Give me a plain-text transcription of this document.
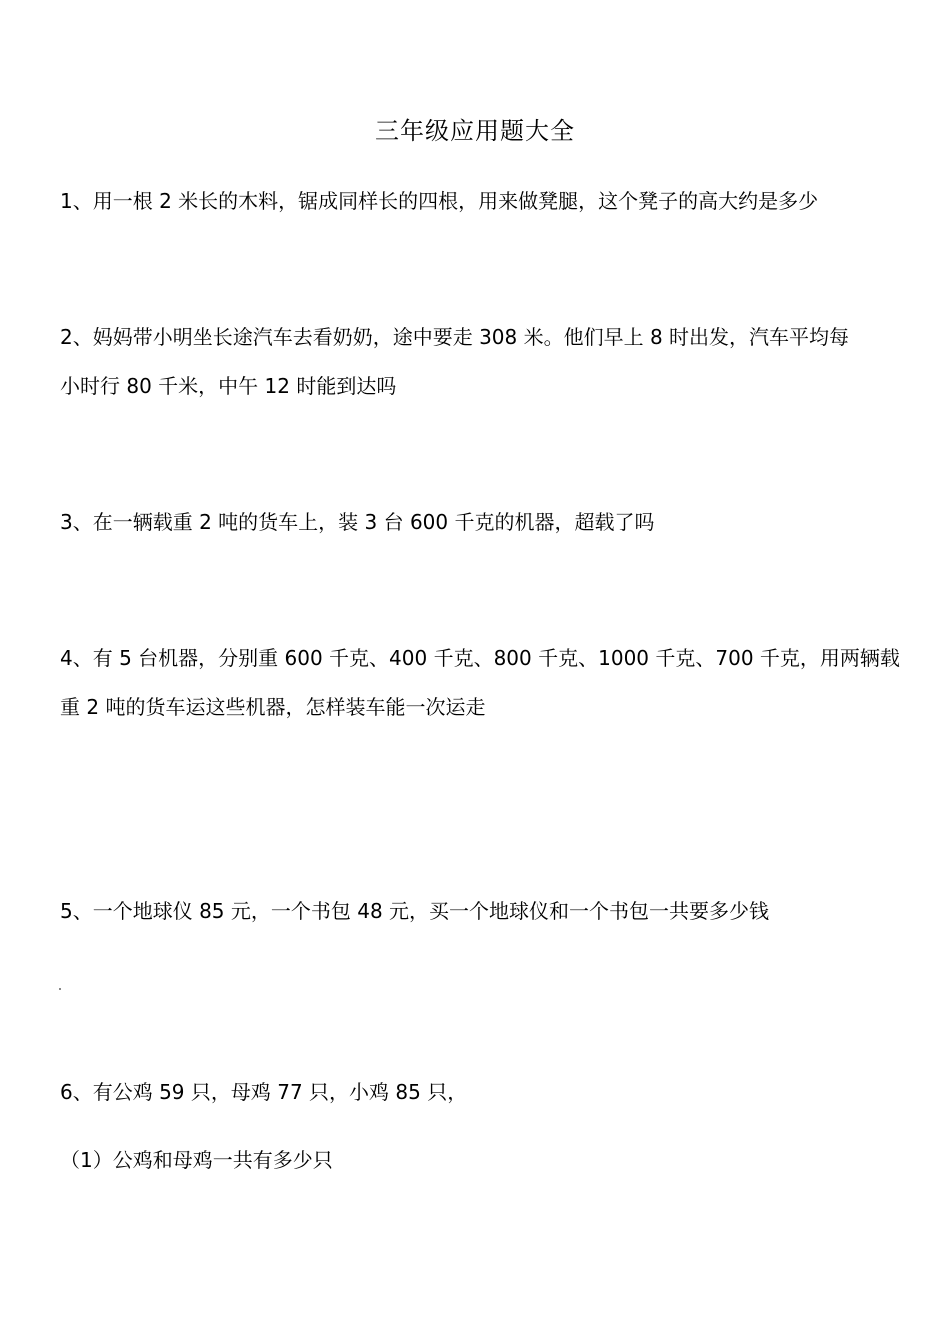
三年级应用题大全
1、用一根 2 米长的木料，锯成同样长的四根，用来做凳腿，这个凳子的高大约是多少
2、妈妈带小明坐长途汽车去看奶奶，途中要走 308 米。他们早上 8 时出发，汽车平均每
小时行 80 千米，中午 12 时能到达吗
3、在一辆载重 2 吨的货车上，装 3 台 600 千克的机器，超载了吗
4、有 5 台机器，分别重 600 千克、400 千克、800 千克、1000 千克、700 千克，用两辆载
重 2 吨的货车运这些机器，怎样装车能一次运走
5、一个地球仪 85 元，一个书包 48 元，买一个地球仪和一个书包一共要多少钱
6、有公鸡 59 只，母鸡 77 只，小鸡 85 只，
（1）公鸡和母鸡一共有多少只
